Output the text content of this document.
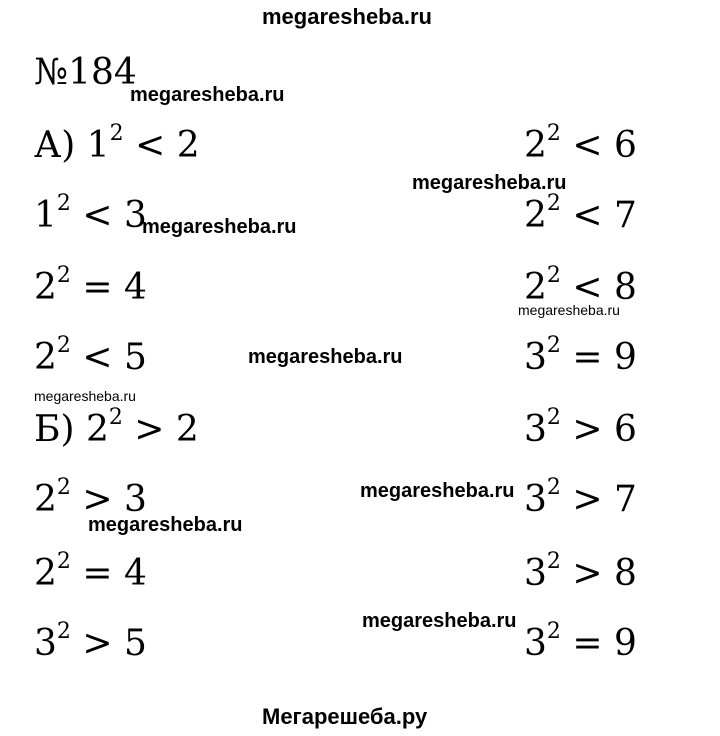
megaresheba.ru
megaresheba.ru
megaresheba.ru
megaresheba.ru
megaresheba.ru
megaresheba.ru
megaresheba.ru
megaresheba.ru
megaresheba.ru
megaresheba.ru
Мегарешеба.ру
№184
А) $1^2 < 2$
$1^2 < 3$
$2^2 = 4$
$2^2 < 5$
$2^2 < 6$
$2^2 < 7$
$2^2 < 8$
$3^2 = 9$
Б) $2^2 > 2$
$2^2 > 3$
$2^2 = 4$
$3^2 > 5$
$3^2 > 6$
$3^2 > 7$
$3^2 > 8$
$3^2 = 9$
